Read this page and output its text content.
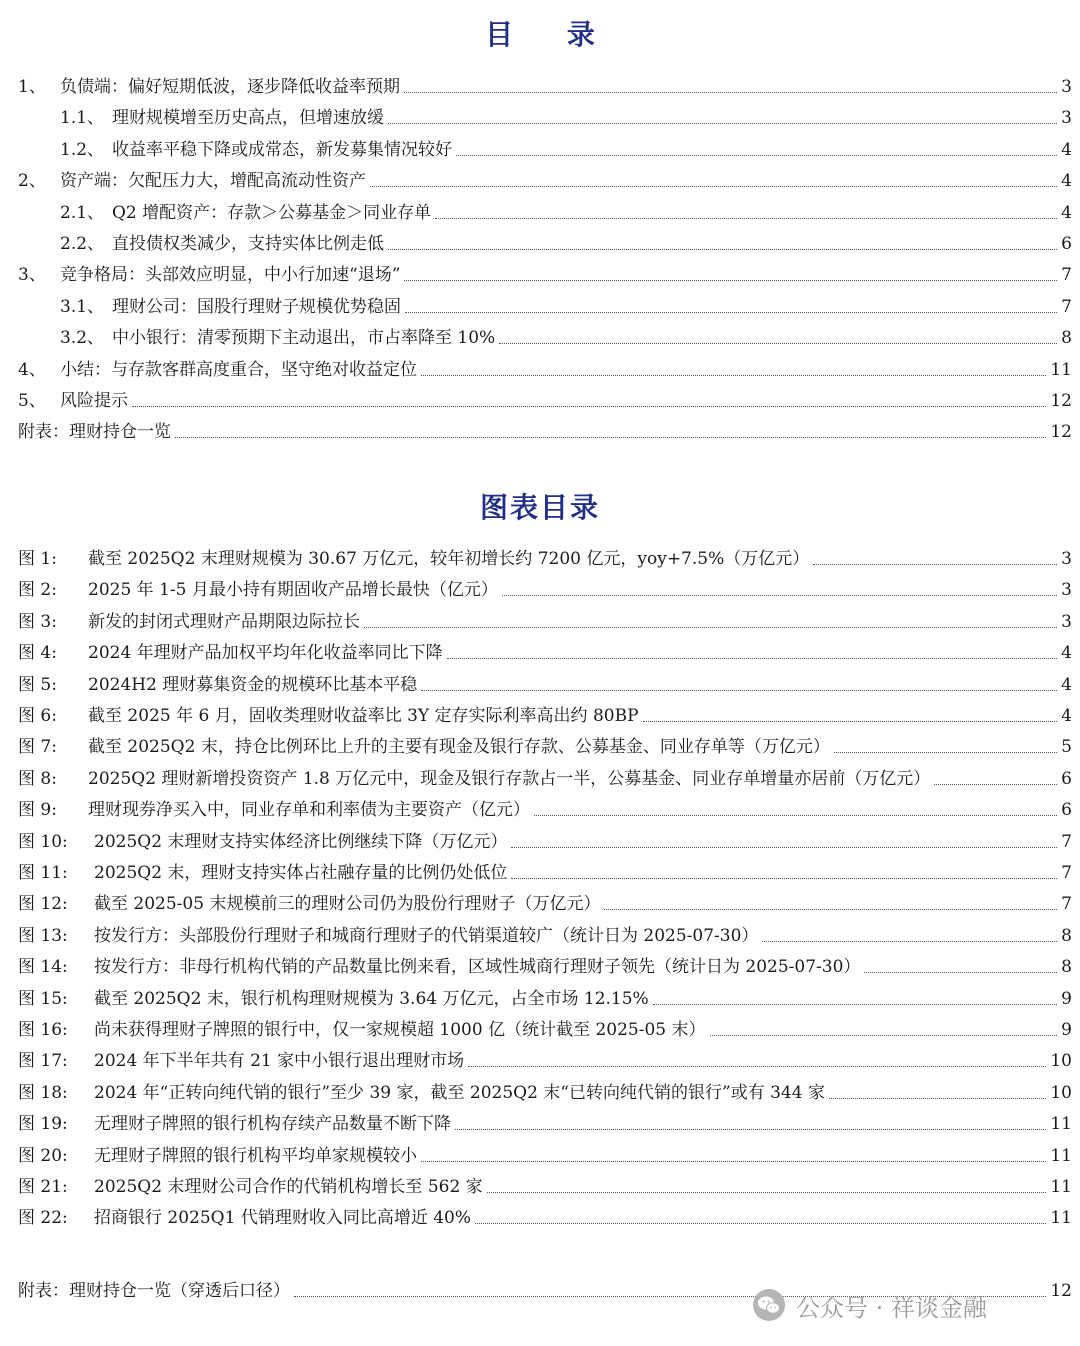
目 录
1、 负债端：偏好短期低波，逐步降低收益率预期	3
1.1、 理财规模增至历史高点，但增速放缓	3
1.2、 收益率平稳下降或成常态，新发募集情况较好	4
2、 资产端：欠配压力大，增配高流动性资产	4
2.1、 Q2 增配资产：存款＞公募基金＞同业存单	4
2.2、 直投债权类减少，支持实体比例走低	6
3、 竞争格局：头部效应明显，中小行加速“退场”	7
3.1、 理财公司：国股行理财子规模优势稳固	7
3.2、 中小银行：清零预期下主动退出，市占率降至 10%	8
4、 小结：与存款客群高度重合，坚守绝对收益定位	11
5、 风险提示	12
附表：理财持仓一览	12
图表目录
图 1:	截至 2025Q2 末理财规模为 30.67 万亿元，较年初增长约 7200 亿元，yoy+7.5%（万亿元）	3
图 2:	2025 年 1-5 月最小持有期固收产品增长最快（亿元）	3
图 3:	新发的封闭式理财产品期限边际拉长	3
图 4:	2024 年理财产品加权平均年化收益率同比下降	4
图 5:	2024H2 理财募集资金的规模环比基本平稳	4
图 6:	截至 2025 年 6 月，固收类理财收益率比 3Y 定存实际利率高出约 80BP	4
图 7:	截至 2025Q2 末，持仓比例环比上升的主要有现金及银行存款、公募基金、同业存单等（万亿元）	5
图 8:	2025Q2 理财新增投资资产 1.8 万亿元中，现金及银行存款占一半，公募基金、同业存单增量亦居前（万亿元）	6
图 9:	理财现券净买入中，同业存单和利率债为主要资产（亿元）	6
图 10:	2025Q2 末理财支持实体经济比例继续下降（万亿元）	7
图 11:	2025Q2 末，理财支持实体占社融存量的比例仍处低位	7
图 12:	截至 2025-05 末规模前三的理财公司仍为股份行理财子（万亿元）	7
图 13:	按发行方：头部股份行理财子和城商行理财子的代销渠道较广（统计日为 2025-07-30）	8
图 14:	按发行方：非母行机构代销的产品数量比例来看，区域性城商行理财子领先（统计日为 2025-07-30）	8
图 15:	截至 2025Q2 末，银行机构理财规模为 3.64 万亿元，占全市场 12.15%	9
图 16:	尚未获得理财子牌照的银行中，仅一家规模超 1000 亿（统计截至 2025-05 末）	9
图 17:	2024 年下半年共有 21 家中小银行退出理财市场	10
图 18:	2024 年“正转向纯代销的银行”至少 39 家，截至 2025Q2 末“已转向纯代销的银行”或有 344 家	10
图 19:	无理财子牌照的银行机构存续产品数量不断下降	11
图 20:	无理财子牌照的银行机构平均单家规模较小	11
图 21:	2025Q2 末理财公司合作的代销机构增长至 562 家	11
图 22:	招商银行 2025Q1 代销理财收入同比高增近 40%	11
附表：理财持仓一览（穿透后口径）	12
公众号 · 祥谈金融
